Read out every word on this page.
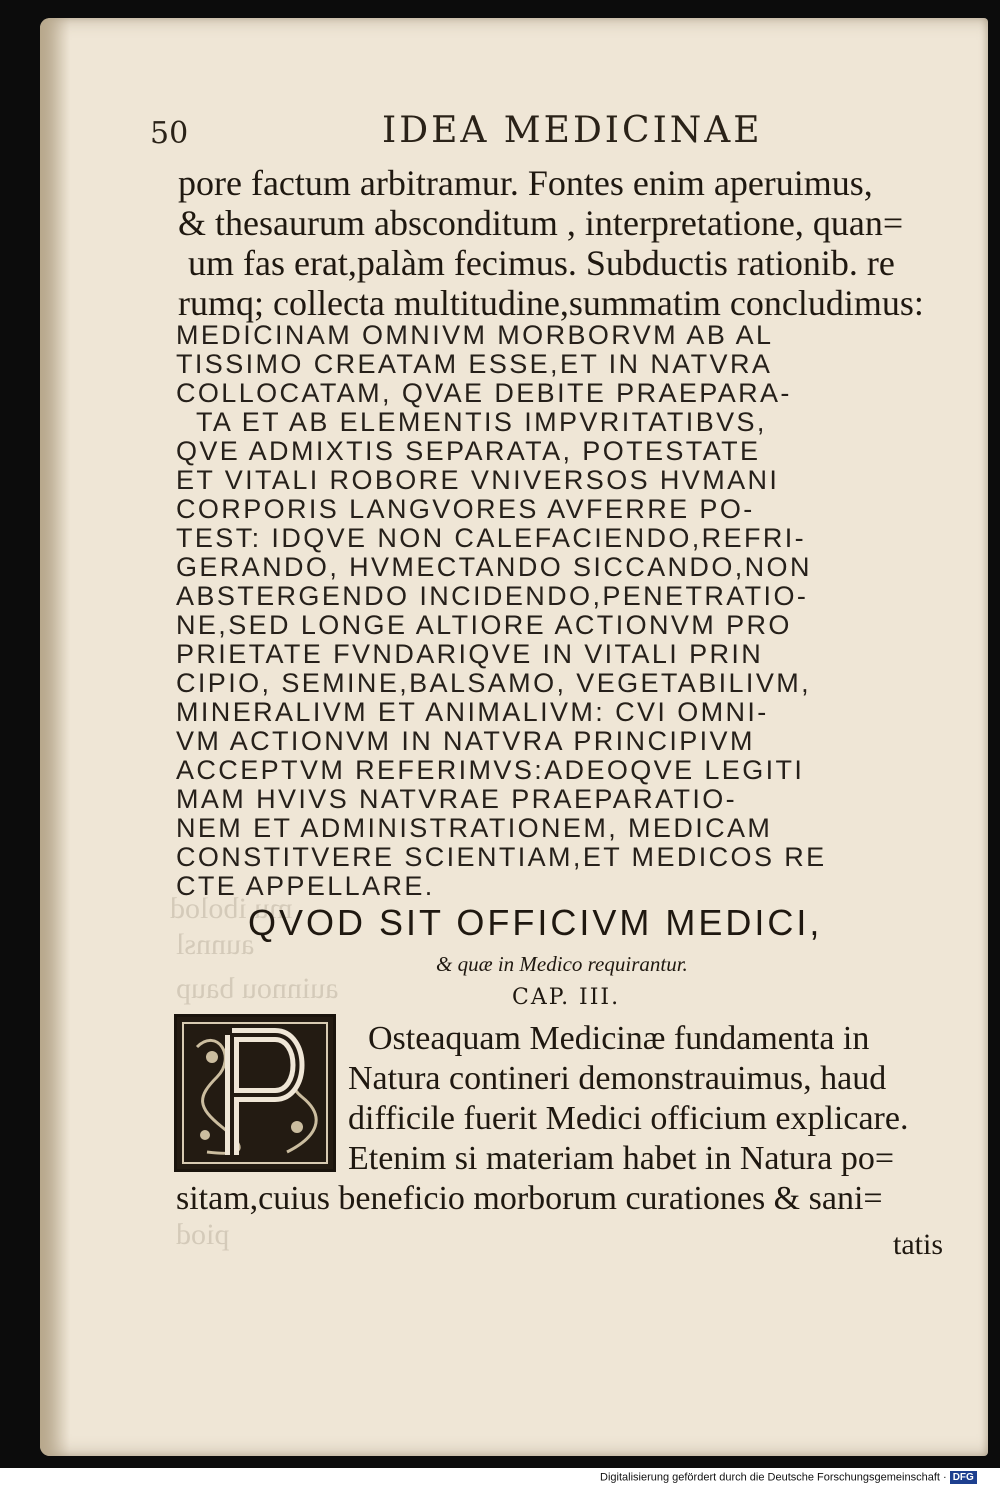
mu ibolod
aunnsl
auinnou baup
piod
50	IDEA MEDICINAE
pore factum arbitramur. Fontes enim aperuimus,
& thesaurum absconditum , interpretatione, quan=
um fas erat,palàm fecimus. Subductis rationib. re
rumq; collecta multitudine,summatim concludimus:
MEDICINAM OMNIVM MORBORVM AB AL
TISSIMO CREATAM ESSE,ET IN NATVRA
COLLOCATAM, QVAE DEBITE PRAEPARA-
TA ET AB ELEMENTIS IMPVRITATIBVS,
QVE ADMIXTIS SEPARATA, POTESTATE
ET VITALI ROBORE VNIVERSOS HVMANI
CORPORIS LANGVORES AVFERRE PO-
TEST: IDQVE NON CALEFACIENDO,REFRI-
GERANDO, HVMECTANDO SICCANDO,NON
ABSTERGENDO INCIDENDO,PENETRATIO-
NE,SED LONGE ALTIORE ACTIONVM PRO
PRIETATE FVNDARIQVE IN VITALI PRIN
CIPIO, SEMINE,BALSAMO, VEGETABILIVM,
MINERALIVM ET ANIMALIVM: CVI OMNI-
VM ACTIONVM IN NATVRA PRINCIPIVM
ACCEPTVM REFERIMVS:ADEOQVE LEGITI
MAM HVIVS NATVRAE PRAEPARATIO-
NEM ET ADMINISTRATIONEM, MEDICAM
CONSTITVERE SCIENTIAM,ET MEDICOS RE
CTE APPELLARE.
QVOD SIT OFFICIVM MEDICI,
& quæ in Medico requirantur.
CAP. III.
Osteaquam Medicinæ fundamenta in
Natura contineri demonstrauimus, haud
difficile fuerit Medici officium explicare.
Etenim si materiam habet in Natura po=
sitam,cuius beneficio morborum curationes & sani=
tatis
Digitalisierung gefördert durch die Deutsche Forschungsgemeinschaft · DFG
